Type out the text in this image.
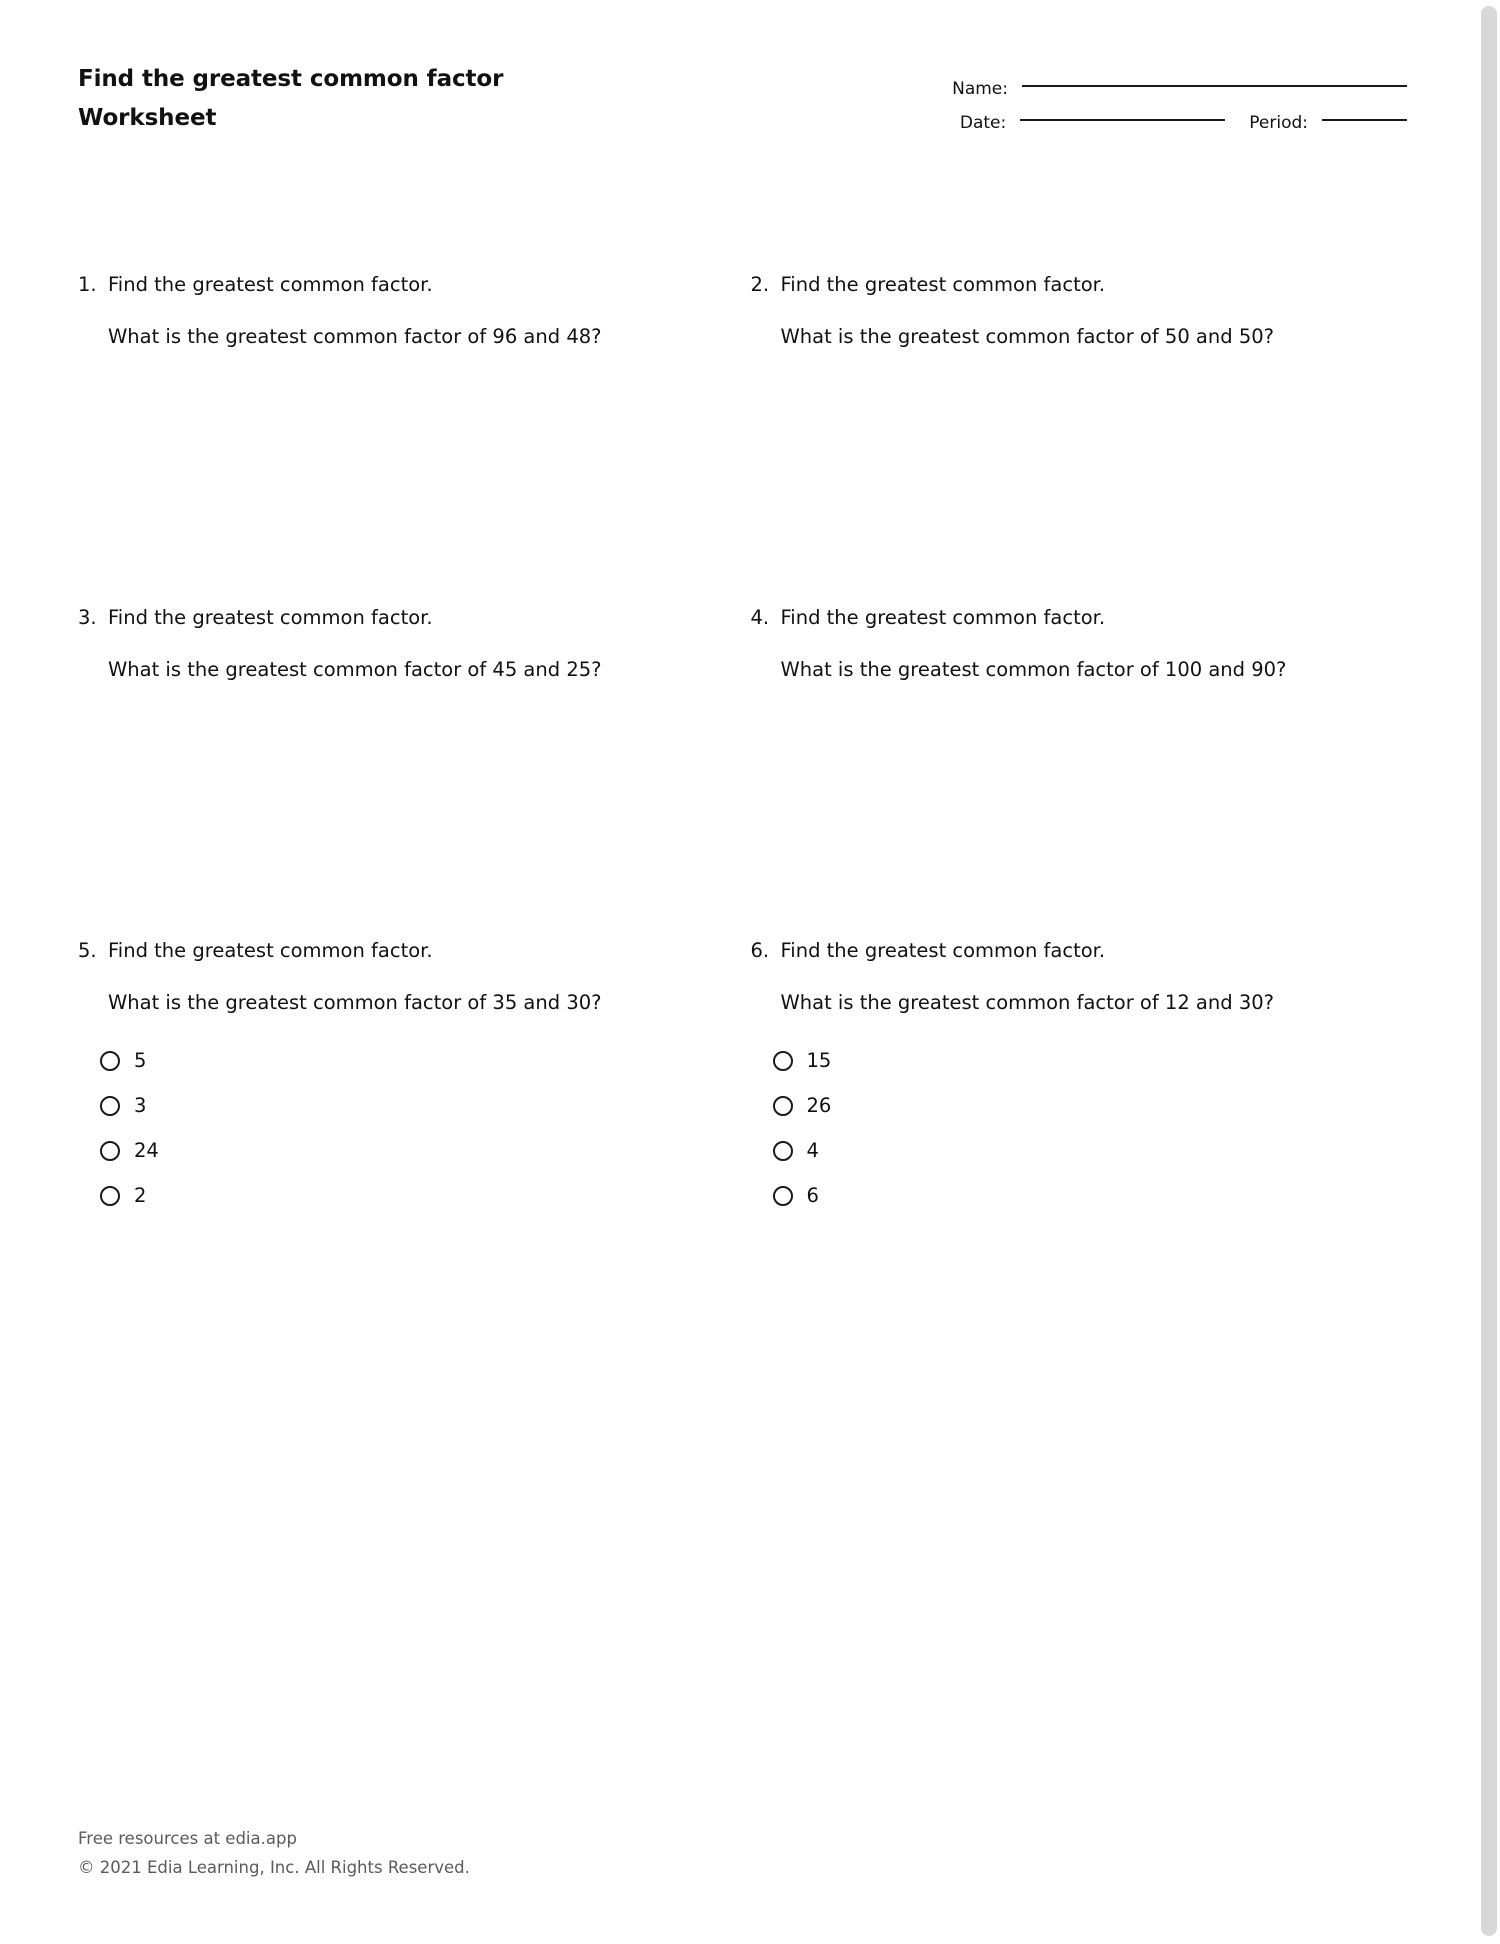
Find the greatest common factor
Worksheet
Name:
Date:	Period:
1. Find the greatest common factor.
What is the greatest common factor of 96 and 48?
2. Find the greatest common factor.
What is the greatest common factor of 50 and 50?
3. Find the greatest common factor.
What is the greatest common factor of 45 and 25?
4. Find the greatest common factor.
What is the greatest common factor of 100 and 90?
5. Find the greatest common factor.
What is the greatest common factor of 35 and 30?
5
3
24
2
6. Find the greatest common factor.
What is the greatest common factor of 12 and 30?
15
26
4
6
Free resources at edia.app
© 2021 Edia Learning, Inc. All Rights Reserved.
